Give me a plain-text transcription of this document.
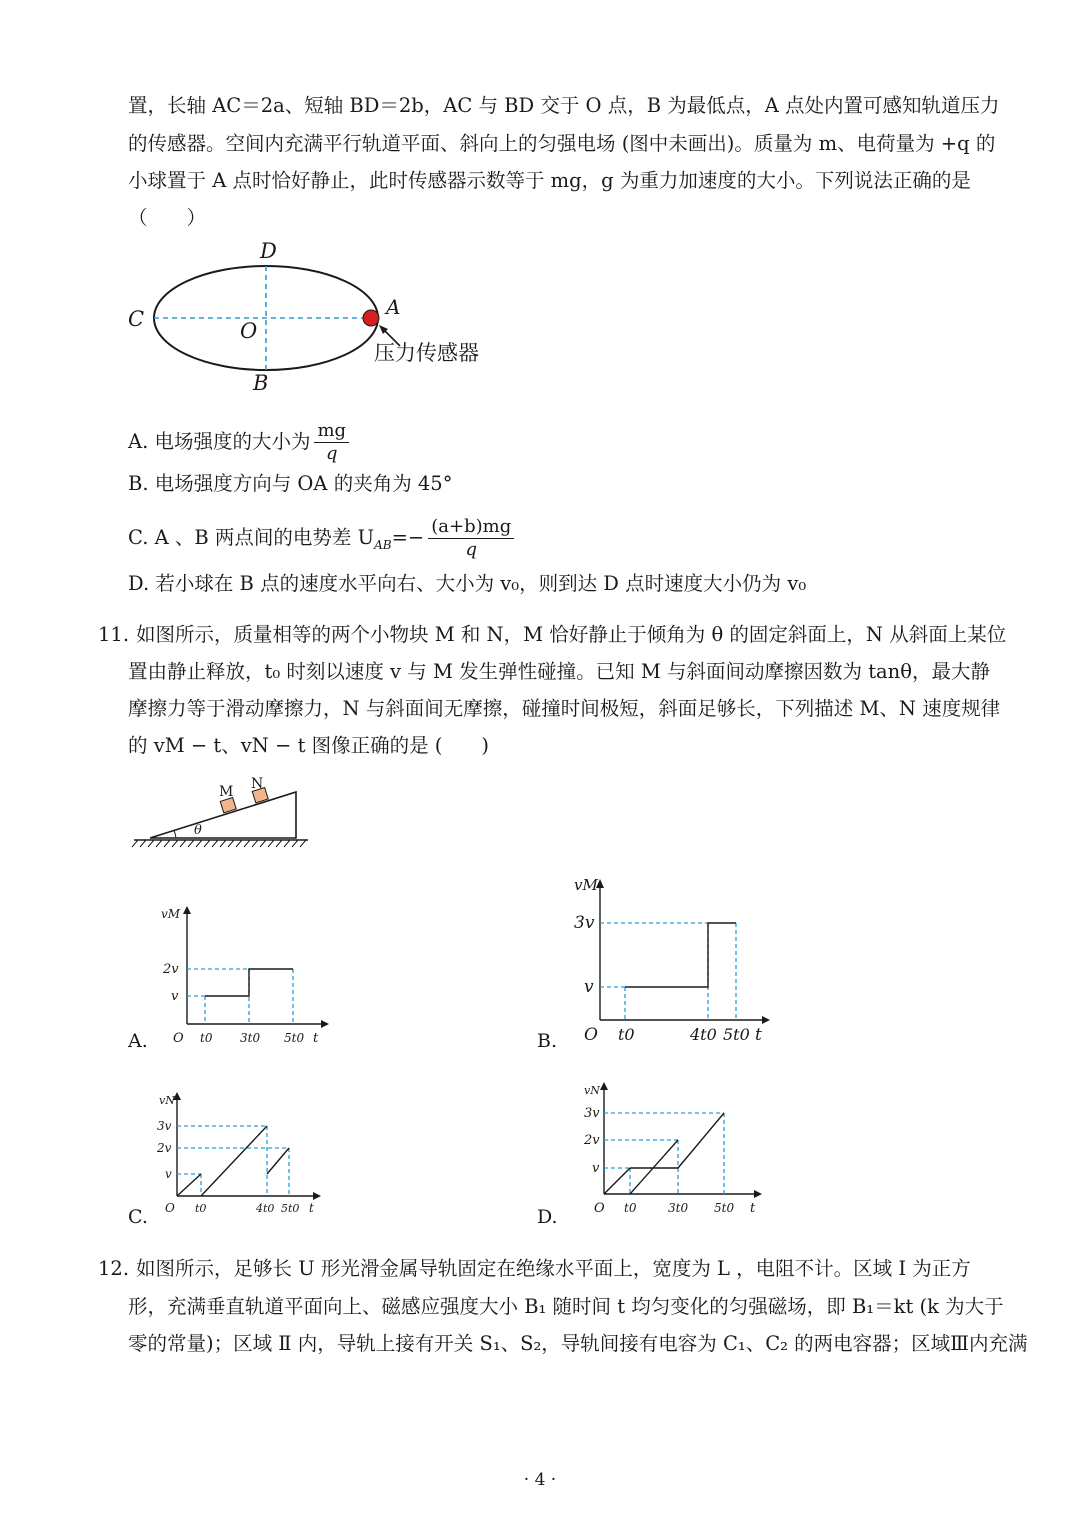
置，长轴 AC＝2a、短轴 BD＝2b，AC 与 BD 交于 O 点，B 为最低点，A 点处内置可感知轨道压力
的传感器。空间内充满平行轨道平面、斜向上的匀强电场 (图中未画出)。质量为 m、电荷量为 +q 的
小球置于 A 点时恰好静止，此时传感器示数等于 mg，g 为重力加速度的大小。下列说法正确的是
（　　）
D
C	O
A
B
压力传感器
A. 电场强度的大小为 $\frac{mg}{q}$
B. 电场强度方向与 OA 的夹角为 45°
C. A 、B 两点间的电势差 $U_{AB}=- \frac{(a+b)mg}{q}$
D. 若小球在 B 点的速度水平向右、大小为 v₀，则到达 D 点时速度大小仍为 v₀
11. 如图所示，质量相等的两个小物块 M 和 N，M 恰好静止于倾角为 θ 的固定斜面上，N 从斜面上某位
置由静止释放，t₀ 时刻以速度 v 与 M 发生弹性碰撞。已知 M 与斜面间动摩擦因数为 tanθ，最大静
摩擦力等于滑动摩擦力，N 与斜面间无摩擦，碰撞时间极短，斜面足够长，下列描述 M、N 速度规律
的 vM − t、vN − t 图像正确的是 (　　)
θ
M N
A.
vM
2v
v
O t0 3t0 5t0 t	B.
vM
3v
v
O t0	4t0 5t0 t
C.
vN
3v
2v
v
O t0	4t0 5t0 t	D.
vN
3v
2v
v
O t0	3t0 5t0 t
12. 如图所示，足够长 U 形光滑金属导轨固定在绝缘水平面上，宽度为 L ，电阻不计。区域 Ⅰ 为正方
形，充满垂直轨道平面向上、磁感应强度大小 B₁ 随时间 t 均匀变化的匀强磁场，即 B₁＝kt (k 为大于
零的常量)；区域 Ⅱ 内，导轨上接有开关 S₁、S₂，导轨间接有电容为 C₁、C₂ 的两电容器；区域Ⅲ内充满
· 4 ·
